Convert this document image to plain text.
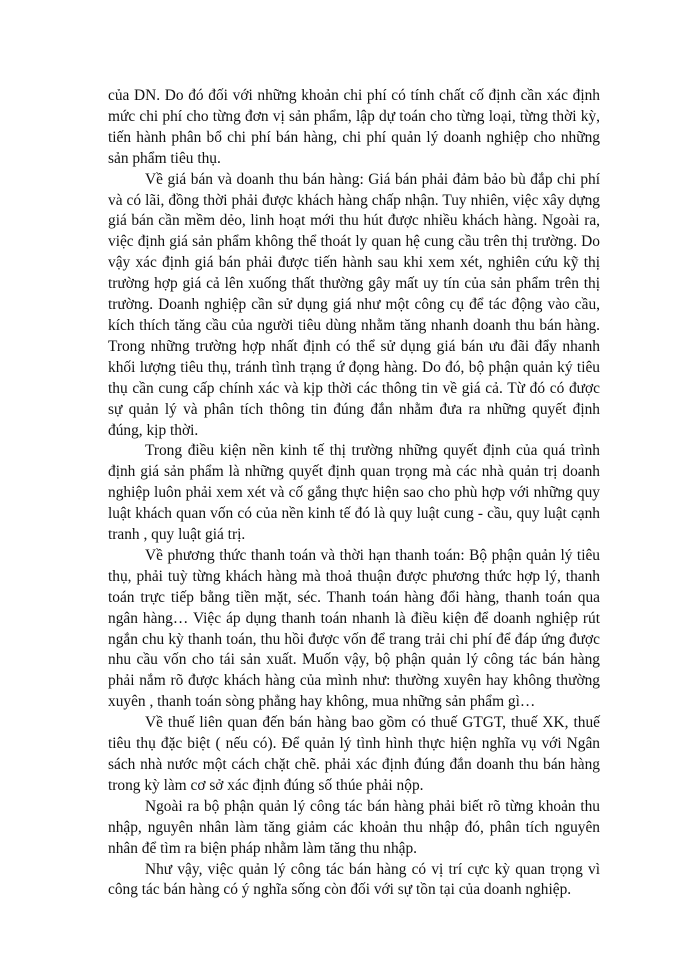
của DN. Do đó đối với những khoản chi phí có tính chất cố định cần xác định mức chi phí cho từng đơn vị sản phẩm, lập dự toán cho từng loại, từng thời kỳ, tiến hành phân bổ chi phí bán hàng, chi phí quản lý doanh nghiệp cho những sản phẩm tiêu thụ.

Về giá bán và doanh thu bán hàng: Giá bán phải đảm bảo bù đắp chi phí và có lãi, đồng thời phải được khách hàng chấp nhận. Tuy nhiên, việc xây dựng giá bán cần mềm dẻo, linh hoạt mới thu hút được nhiều khách hàng. Ngoài ra, việc định giá sản phẩm không thể thoát ly quan hệ cung cầu trên thị trường. Do vậy xác định giá bán phải được tiến hành sau khi xem xét, nghiên cứu kỹ thị trường hợp giá cả lên xuống thất thường gây mất uy tín của sản phẩm trên thị trường. Doanh nghiệp cần sử dụng giá như một công cụ để tác động vào cầu, kích thích tăng cầu của người tiêu dùng nhằm tăng nhanh doanh thu bán hàng. Trong những trường hợp nhất định có thể sử dụng giá bán ưu đãi đẩy nhanh khối lượng tiêu thụ, tránh tình trạng ứ đọng hàng. Do đó, bộ phận quản ký tiêu thụ cần cung cấp chính xác và kịp thời các thông tin về giá cả. Từ đó có được sự quản lý và phân tích thông tin đúng đắn nhằm đưa ra những quyết định đúng, kịp thời.

Trong điều kiện nền kinh tế thị trường những quyết định của quá trình định giá sản phẩm là những quyết định quan trọng mà các nhà quản trị doanh nghiệp luôn phải xem xét và cố gắng thực hiện sao cho phù hợp với những quy luật khách quan vốn có của nền kinh tế đó là quy luật cung - cầu, quy luật cạnh tranh , quy luật giá trị.

Về phương thức thanh toán và thời hạn thanh toán: Bộ phận quản lý tiêu thụ, phải tuỳ từng khách hàng mà thoả thuận được phương thức hợp lý, thanh toán trực tiếp bằng tiền mặt, séc. Thanh toán hàng đổi hàng, thanh toán qua ngân hàng… Việc áp dụng thanh toán nhanh là điều kiện để doanh nghiệp rút ngắn chu kỳ thanh toán, thu hồi được vốn để trang trải chi phí để đáp ứng được nhu cầu vốn cho tái sản xuất. Muốn vậy, bộ phận quản lý công tác bán hàng phải nắm rõ được khách hàng của mình như: thường xuyên hay không thường xuyên , thanh toán sòng phẳng hay không, mua những sản phẩm gì…

Về thuế liên quan đến bán hàng bao gồm có thuế GTGT, thuế XK, thuế tiêu thụ đặc biệt ( nếu có). Để quản lý tình hình thực hiện nghĩa vụ với Ngân sách nhà nước một cách chặt chẽ. phải xác định đúng đắn doanh thu bán hàng trong kỳ làm cơ sở xác định đúng số thúe phải nộp.

Ngoài ra bộ phận quản lý công tác bán hàng phải biết rõ từng khoản thu nhập, nguyên nhân làm tăng giảm các khoản thu nhập đó, phân tích nguyên nhân để tìm ra biện pháp nhằm làm tăng thu nhập.

Như vậy, việc quản lý công tác bán hàng có vị trí cực kỳ quan trọng vì công tác bán hàng có ý nghĩa sống còn đối với sự tồn tại của doanh nghiệp.
